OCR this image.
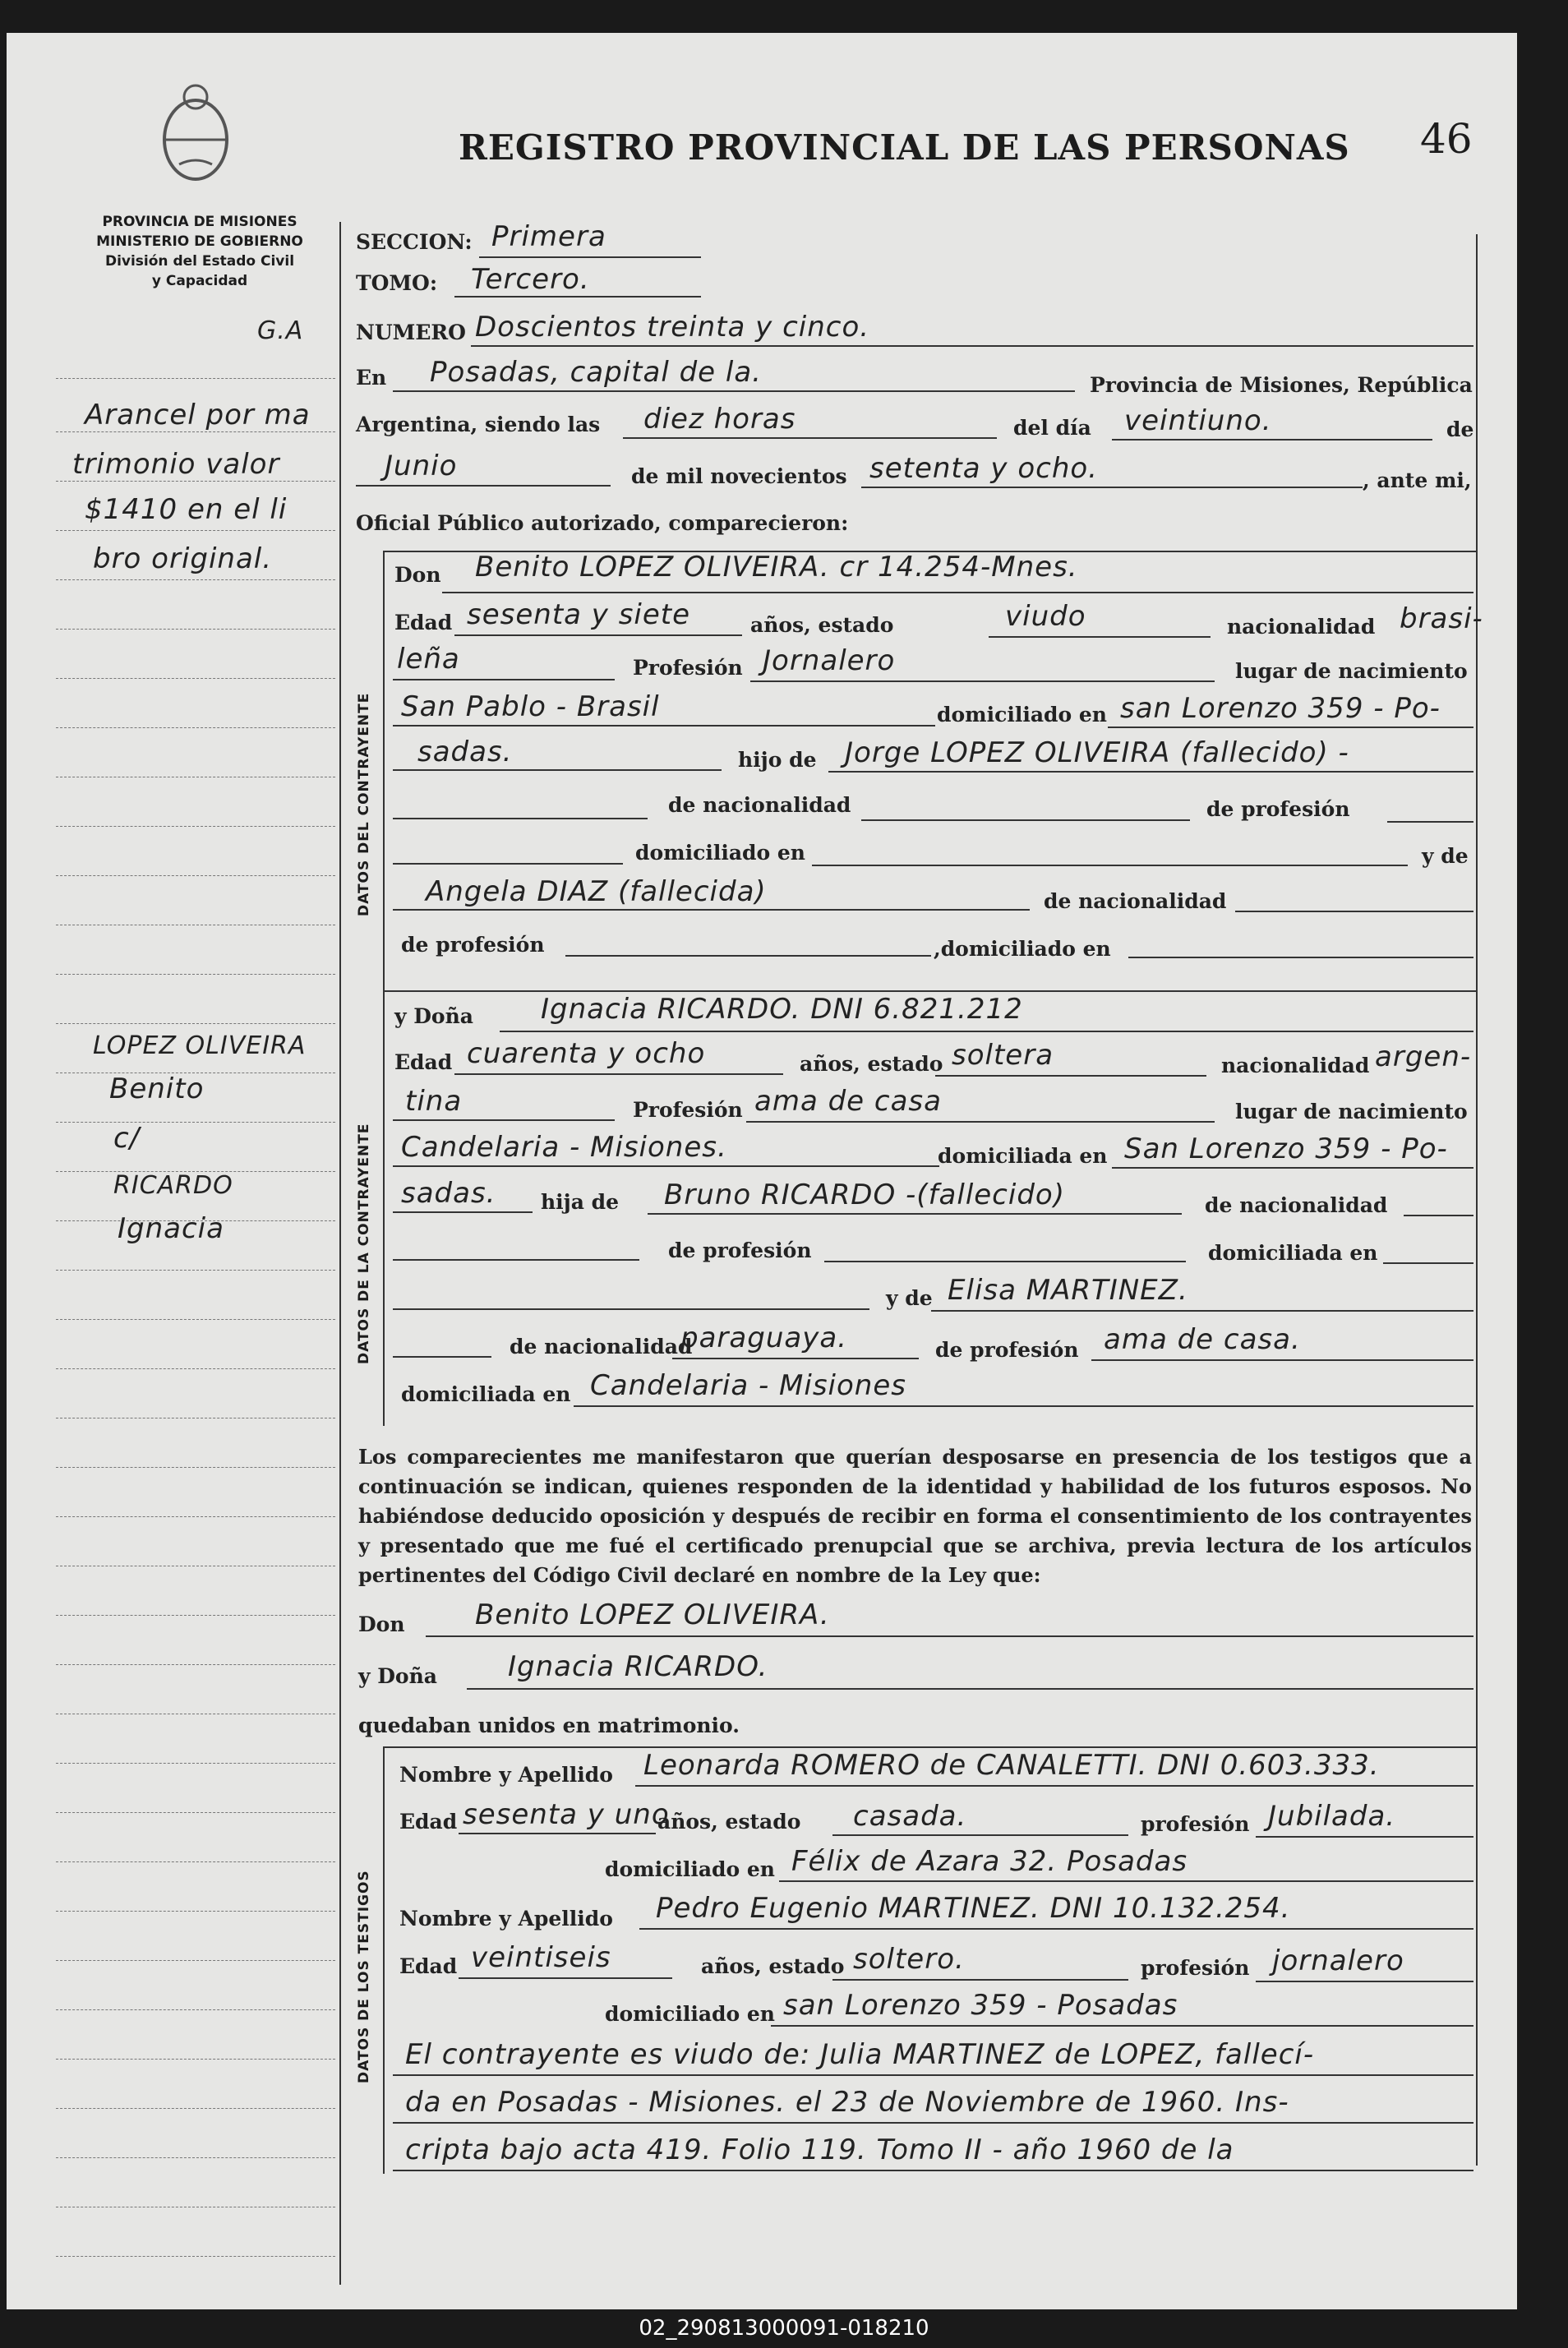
REGISTRO PROVINCIAL DE LAS PERSONAS 46
PROVINCIA DE MISIONES
MINISTERIO DE GOBIERNO
División del Estado Civil
y Capacidad
G.A
Arancel por ma
trimonio valor
$1410 en el li
bro original.
LOPEZ OLIVEIRA
Benito
c/
RICARDO
Ignacia
SECCION: Primera
TOMO: Tercero.
NUMERO Doscientos treinta y cinco.
En Posadas, capital de la.	Provincia de Misiones, República
Argentina, siendo las diez horas	del día veintiuno.	de
Junio	de mil novecientos setenta y ocho.	, ante mi,
Oficial Público autorizado, comparecieron:
DATOS DEL CONTRAYENTE
Don Benito LOPEZ OLIVEIRA. cr 14.254-Mnes.
Edad sesenta y siete	años, estado	viudo	nacionalidad brasi-
leña	Profesión Jornalero	lugar de nacimiento
San Pablo - Brasil	domiciliado en san Lorenzo 359 - Po-
sadas.	hijo de Jorge LOPEZ OLIVEIRA (fallecido) -
de nacionalidad	de profesión
domiciliado en	y de
Angela DIAZ (fallecida)	de nacionalidad
de profesión	,domiciliado en
DATOS DE LA CONTRAYENTE
y Doña Ignacia RICARDO. DNI 6.821.212
Edad cuarenta y ocho	años, estado soltera	nacionalidad argen-
tina	Profesión ama de casa	lugar de nacimiento
Candelaria - Misiones.	domiciliada en San Lorenzo 359 - Po-
sadas. hija de Bruno RICARDO -(fallecido)	de nacionalidad
de profesión	domiciliada en
y de Elisa MARTINEZ.
de nacionalidad
paraguaya.	de profesión ama de casa.
domiciliada en Candelaria - Misiones
Los comparecientes me manifestaron que querían desposarse en presencia de los testigos que a continuación se indican, quienes responden de la identidad y habilidad de los futuros esposos. No habiéndose deducido oposición y después de recibir en forma el consentimiento de los contrayentes y presentado que me fué el certificado prenupcial que se archiva, previa lectura de los artículos pertinentes del Código Civil declaré en nombre de la Ley que:
Don	Benito LOPEZ OLIVEIRA.
y Doña	Ignacia RICARDO.
quedaban unidos en matrimonio.
DATOS DE LOS TESTIGOS
Nombre y Apellido Leonarda ROMERO de CANALETTI. DNI 0.603.333.
Edad sesenta y uno
años, estado casada.	profesión Jubilada.
domiciliado en Félix de Azara 32. Posadas
Nombre y Apellido Pedro Eugenio MARTINEZ. DNI 10.132.254.
Edad veintiseis	años, estado soltero.	profesión jornalero
domiciliado en san Lorenzo 359 - Posadas
El contrayente es viudo de: Julia MARTINEZ de LOPEZ, fallecí-
da en Posadas - Misiones. el 23 de Noviembre de 1960. Ins-
cripta bajo acta 419. Folio 119. Tomo II - año 1960 de la
02_290813000091-018210
